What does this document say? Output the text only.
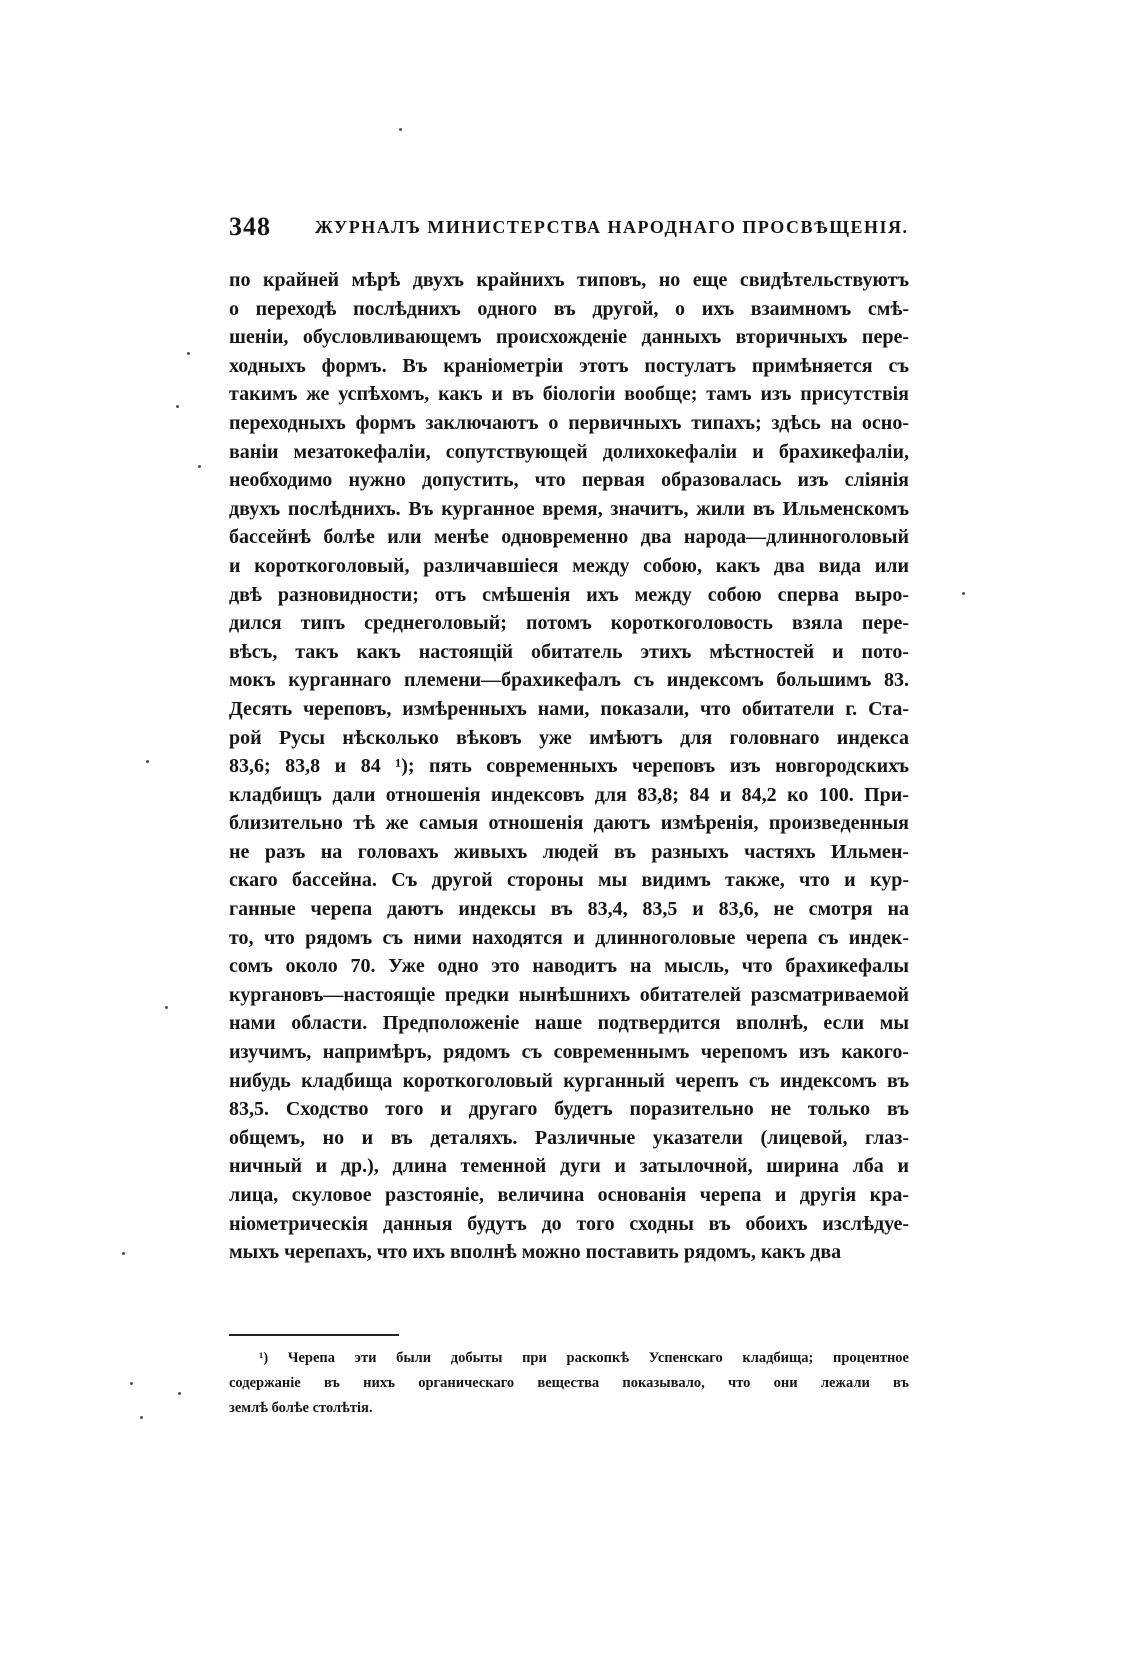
348 ЖУРНАЛЪ МИНИСТЕРСТВА НАРОДНАГО ПРОСВѢЩЕНІЯ.
по крайней мѣрѣ двухъ крайнихъ типовъ, но еще свидѣтельствуютъ
о переходѣ послѣднихъ одного въ другой, о ихъ взаимномъ смѣ-
шеніи, обусловливающемъ происхожденіе данныхъ вторичныхъ пере-
ходныхъ формъ. Въ краніометріи этотъ постулатъ примѣняется съ
такимъ же успѣхомъ, какъ и въ біологіи вообще; тамъ изъ присутствія
переходныхъ формъ заключаютъ о первичныхъ типахъ; здѣсь на осно-
ваніи мезатокефаліи, сопутствующей долихокефаліи и брахикефаліи,
необходимо нужно допустить, что первая образовалась изъ сліянія
двухъ послѣднихъ. Въ курганное время, значитъ, жили въ Ильменскомъ
бассейнѣ болѣе или менѣе одновременно два народа—длинноголовый
и короткоголовый, различавшіеся между собою, какъ два вида или
двѣ разновидности; отъ смѣшенія ихъ между собою сперва выро-
дился типъ среднеголовый; потомъ короткоголовость взяла пере-
вѣсъ, такъ какъ настоящій обитатель этихъ мѣстностей и пото-
мокъ курганнаго племени—брахикефалъ съ индексомъ большимъ 83.
Десять череповъ, измѣренныхъ нами, показали, что обитатели г. Ста-
рой Русы нѣсколько вѣковъ уже имѣютъ для головнаго индекса
83,6; 83,8 и 84 ¹); пять современныхъ череповъ изъ новгородскихъ
кладбищъ дали отношенія индексовъ для 83,8; 84 и 84,2 ко 100. При-
близительно тѣ же самыя отношенія даютъ измѣренія, произведенныя
не разъ на головахъ живыхъ людей въ разныхъ частяхъ Ильмен-
скаго бассейна. Съ другой стороны мы видимъ также, что и кур-
ганные черепа даютъ индексы въ 83,4, 83,5 и 83,6, не смотря на
то, что рядомъ съ ними находятся и длинноголовые черепа съ индек-
сомъ около 70. Уже одно это наводитъ на мысль, что брахикефалы
кургановъ—настоящіе предки нынѣшнихъ обитателей разсматриваемой
нами области. Предположеніе наше подтвердится вполнѣ, если мы
изучимъ, напримѣръ, рядомъ съ современнымъ черепомъ изъ какого-
нибудь кладбища короткоголовый курганный черепъ съ индексомъ въ
83,5. Сходство того и другаго будетъ поразительно не только въ
общемъ, но и въ деталяхъ. Различные указатели (лицевой, глаз-
ничный и др.), длина теменной дуги и затылочной, ширина лба и
лица, скуловое разстояніе, величина основанія черепа и другія кра-
ніометрическія данныя будутъ до того сходны въ обоихъ изслѣдуе-
мыхъ черепахъ, что ихъ вполнѣ можно поставить рядомъ, какъ два
¹) Черепа эти были добыты при раскопкѣ Успенскаго кладбища; процентное
содержаніе въ нихъ органическаго вещества показывало, что они лежали въ
землѣ болѣе столѣтія.
